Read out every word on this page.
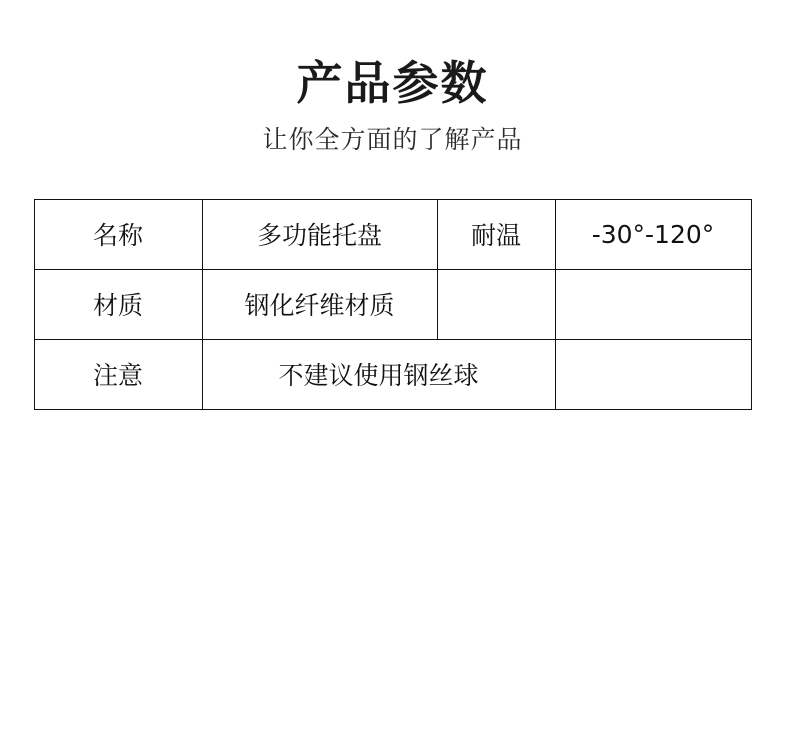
产品参数

让你全方面的了解产品

名称	多功能托盘	耐温	-30°-120°
材质	钢化纤维材质		
注意	不建议使用钢丝球		
